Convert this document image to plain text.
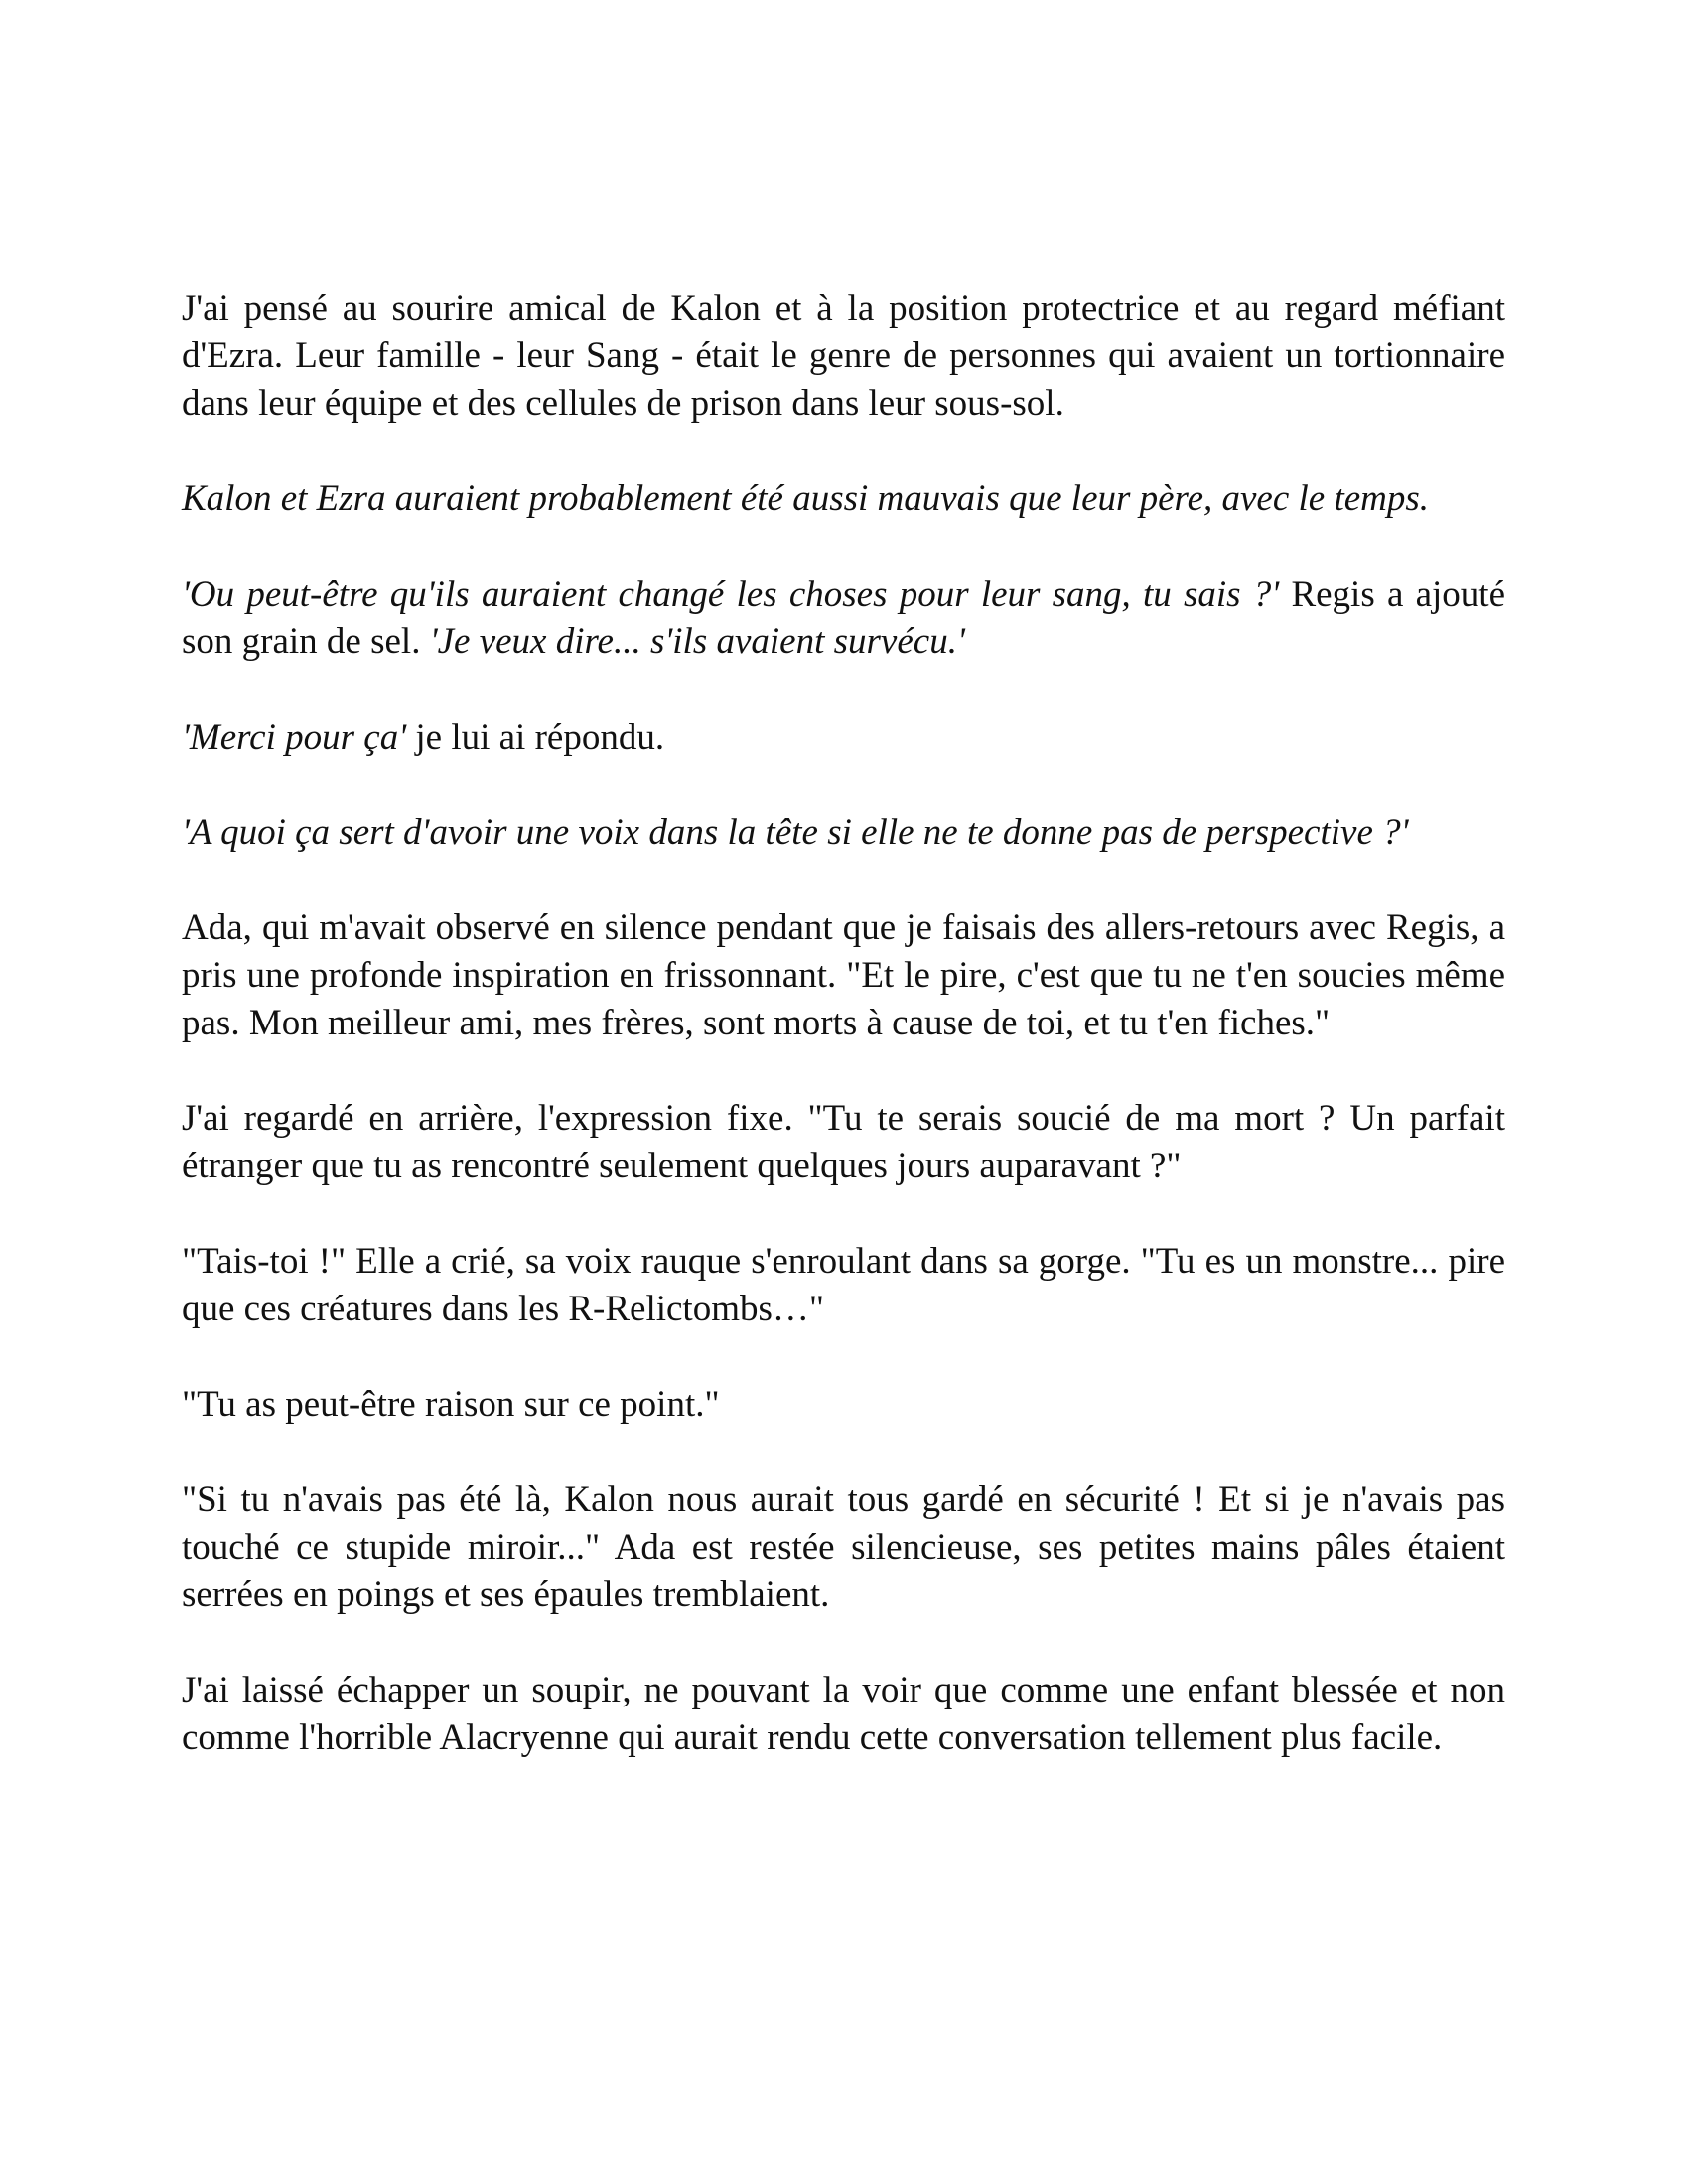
J'ai pensé au sourire amical de Kalon et à la position protectrice et au regard méfiant d'Ezra. Leur famille - leur Sang - était le genre de personnes qui avaient un tortionnaire dans leur équipe et des cellules de prison dans leur sous-sol.

Kalon et Ezra auraient probablement été aussi mauvais que leur père, avec le temps.

'Ou peut-être qu'ils auraient changé les choses pour leur sang, tu sais ?' Regis a ajouté son grain de sel. 'Je veux dire... s'ils avaient survécu.'

'Merci pour ça' je lui ai répondu.

'A quoi ça sert d'avoir une voix dans la tête si elle ne te donne pas de perspective ?'

Ada, qui m'avait observé en silence pendant que je faisais des allers-retours avec Regis, a pris une profonde inspiration en frissonnant. "Et le pire, c'est que tu ne t'en soucies même pas. Mon meilleur ami, mes frères, sont morts à cause de toi, et tu t'en fiches."

J'ai regardé en arrière, l'expression fixe. "Tu te serais soucié de ma mort ? Un parfait étranger que tu as rencontré seulement quelques jours auparavant ?"

"Tais-toi !" Elle a crié, sa voix rauque s'enroulant dans sa gorge. "Tu es un monstre... pire que ces créatures dans les R-Relictombs…"

"Tu as peut-être raison sur ce point."

"Si tu n'avais pas été là, Kalon nous aurait tous gardé en sécurité ! Et si je n'avais pas touché ce stupide miroir..." Ada est restée silencieuse, ses petites mains pâles étaient serrées en poings et ses épaules tremblaient.

J'ai laissé échapper un soupir, ne pouvant la voir que comme une enfant blessée et non comme l'horrible Alacryenne qui aurait rendu cette conversation tellement plus facile.
